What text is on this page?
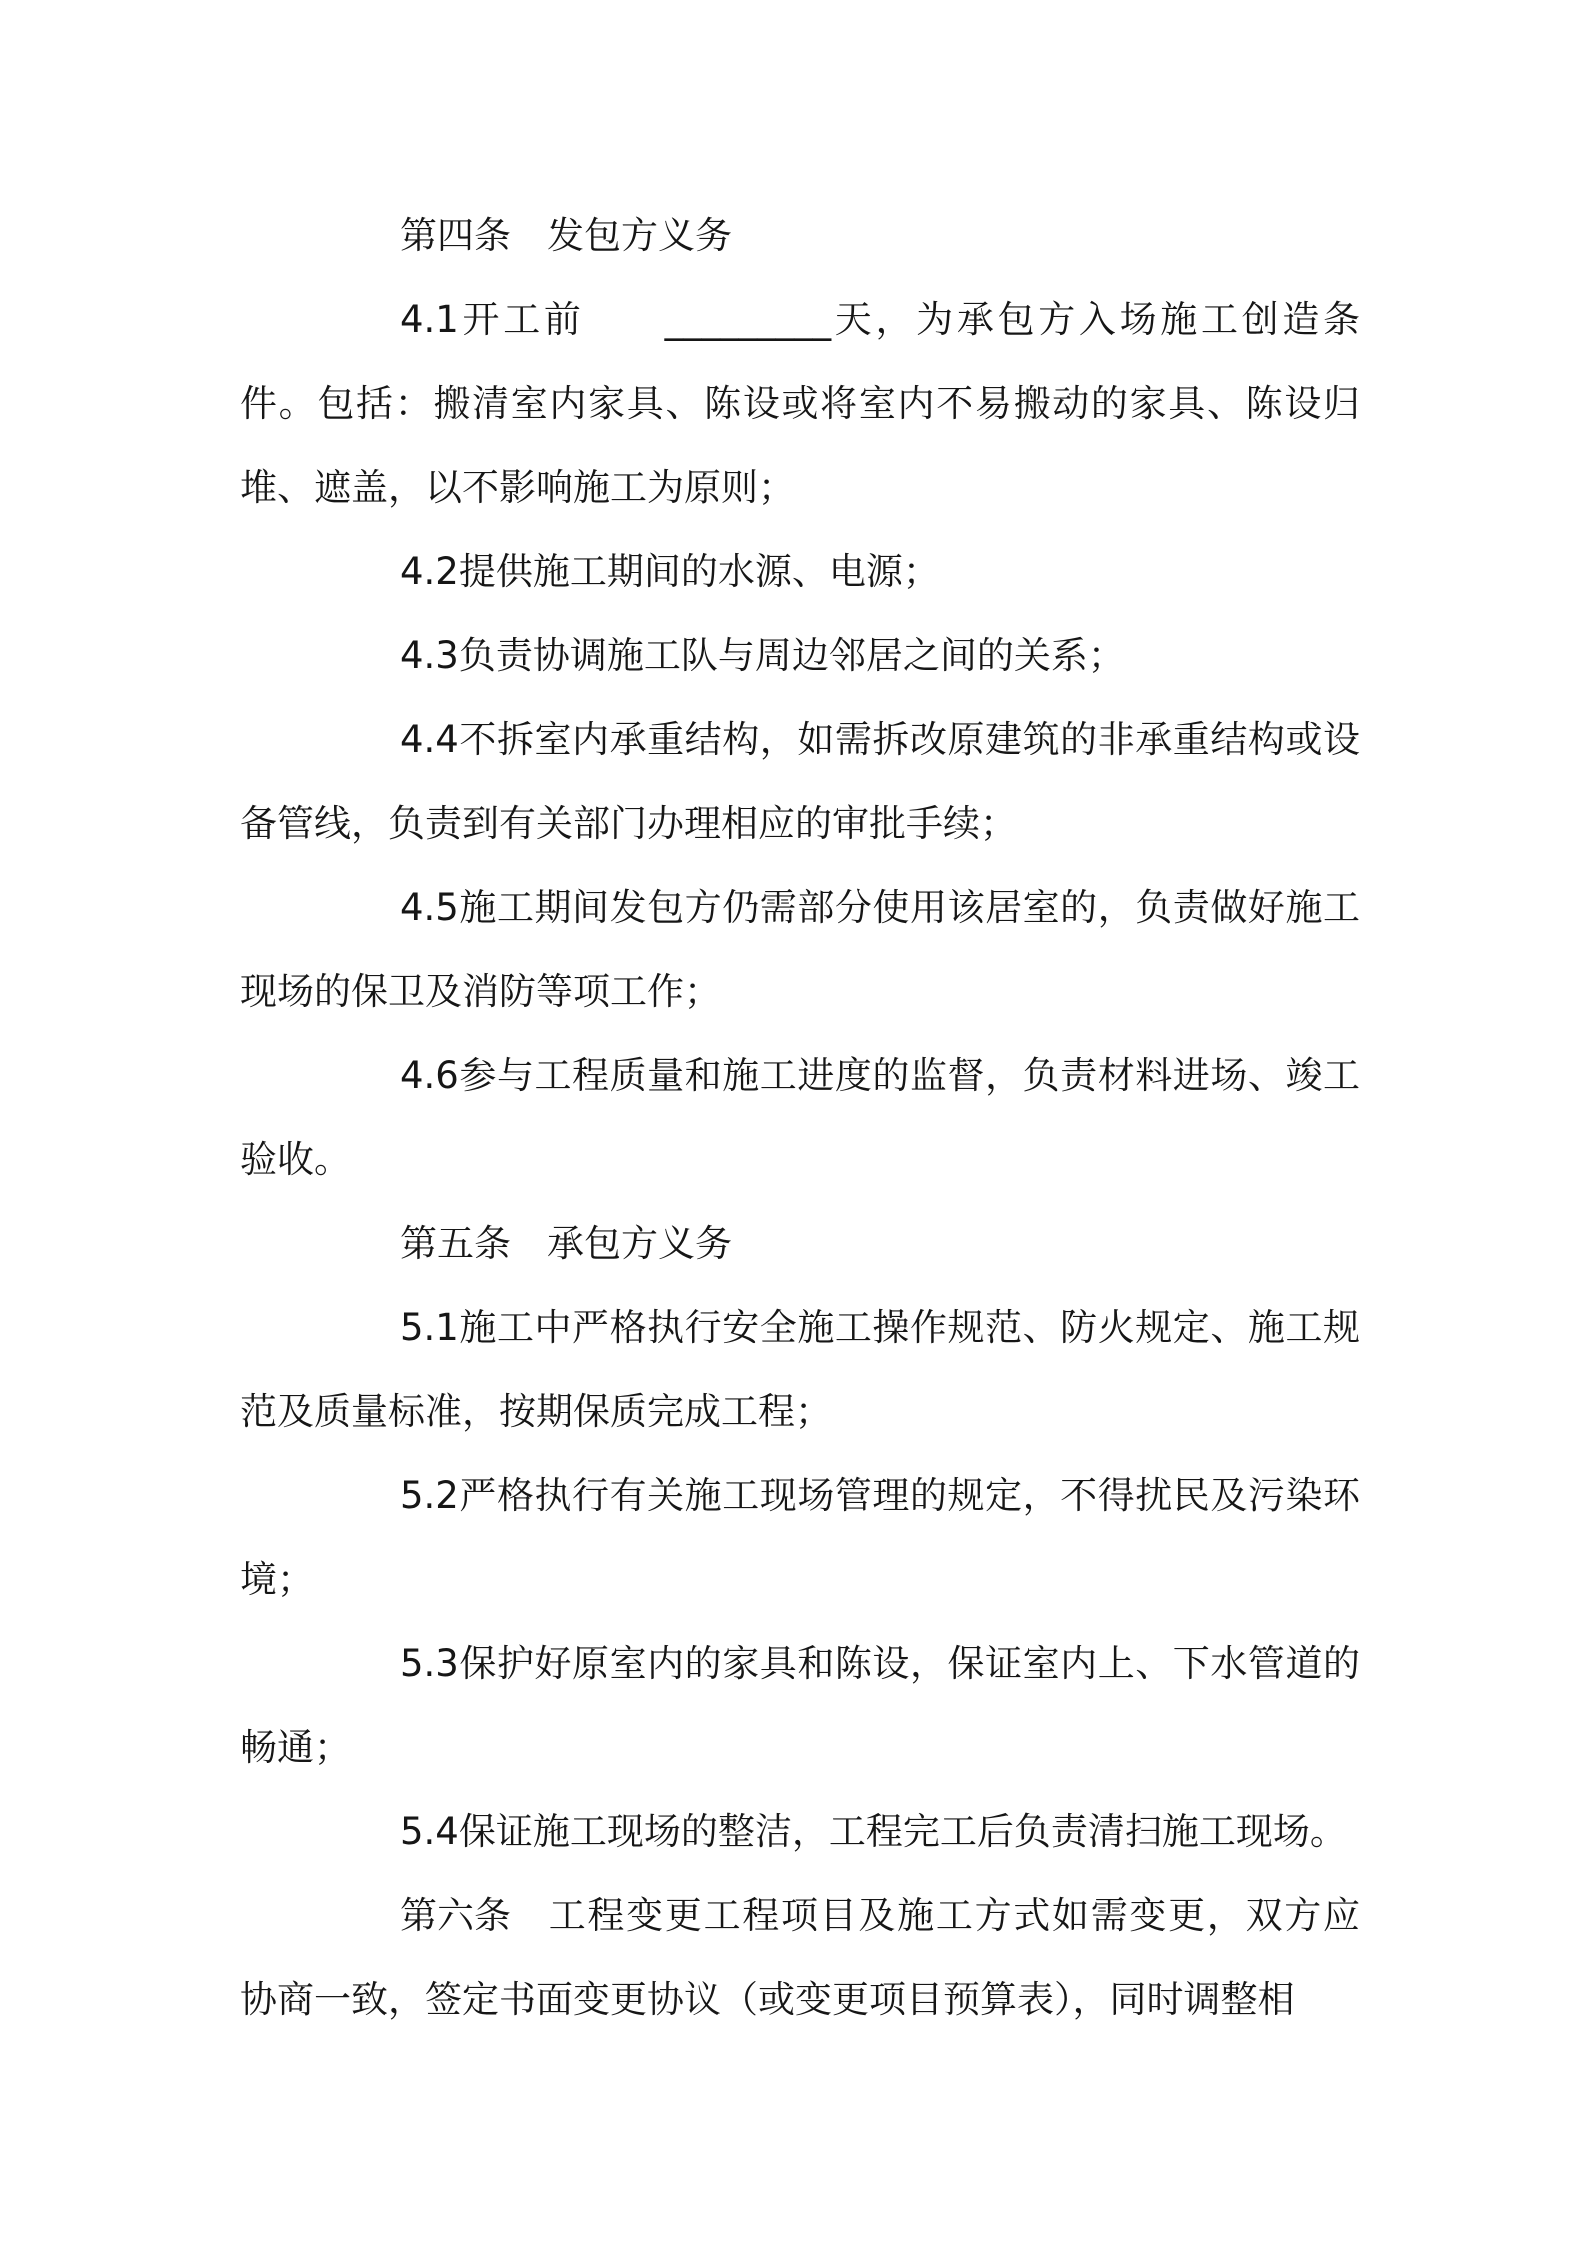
第四条 发包方义务

4.1开工前 _________天，为承包方入场施工创造条件。包括：搬清室内家具、陈设或将室内不易搬动的家具、陈设归堆、遮盖，以不影响施工为原则；

4.2提供施工期间的水源、电源；

4.3负责协调施工队与周边邻居之间的关系；

4.4不拆室内承重结构，如需拆改原建筑的非承重结构或设备管线，负责到有关部门办理相应的审批手续；

4.5施工期间发包方仍需部分使用该居室的，负责做好施工现场的保卫及消防等项工作；

4.6参与工程质量和施工进度的监督，负责材料进场、竣工验收。

第五条 承包方义务

5.1施工中严格执行安全施工操作规范、防火规定、施工规范及质量标准，按期保质完成工程；

5.2严格执行有关施工现场管理的规定，不得扰民及污染环境；

5.3保护好原室内的家具和陈设，保证室内上、下水管道的畅通；

5.4保证施工现场的整洁，工程完工后负责清扫施工现场。

第六条 工程变更工程项目及施工方式如需变更，双方应协商一致，签定书面变更协议（或变更项目预算表），同时调整相
